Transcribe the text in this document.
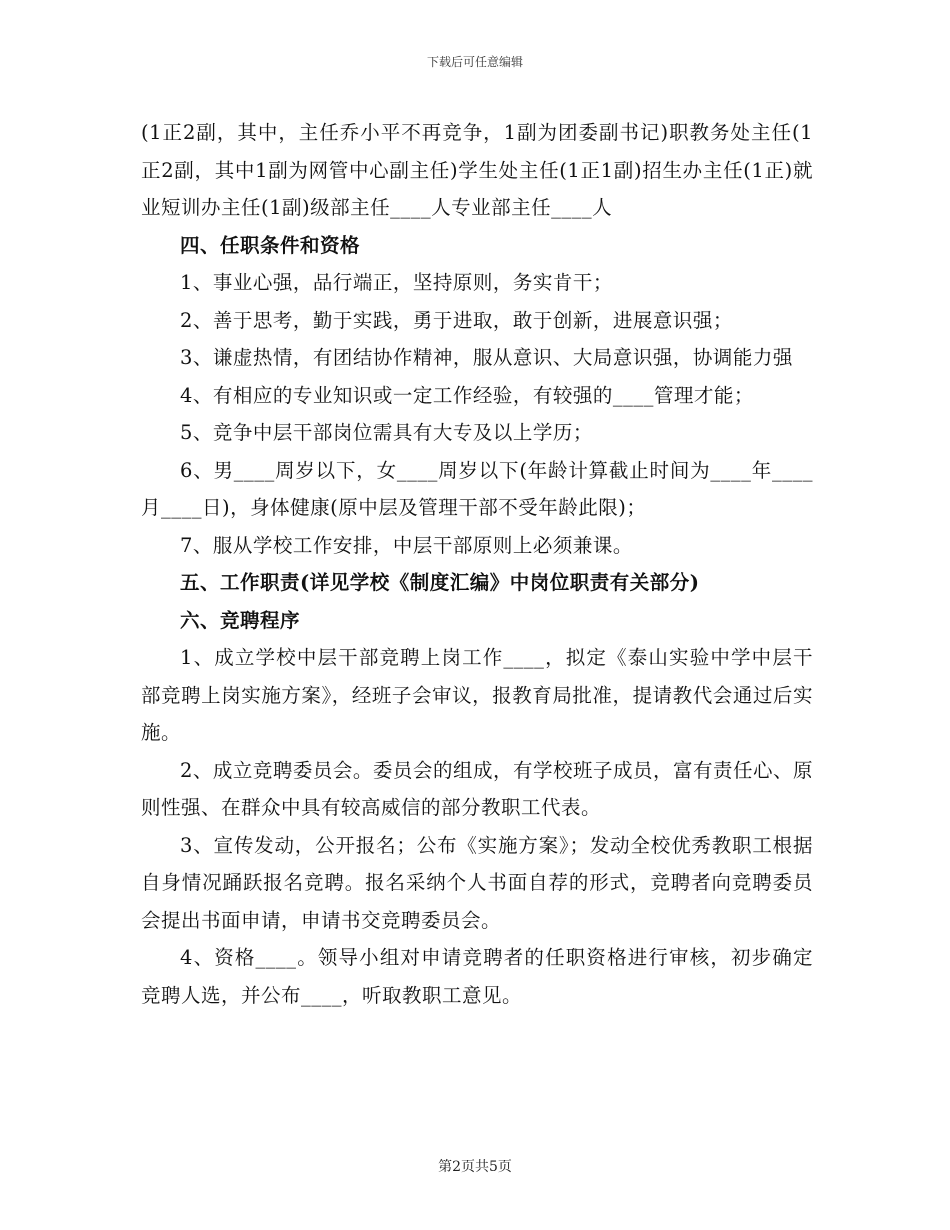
下载后可任意编辑

(1正2副，其中，主任乔小平不再竞争，1副为团委副书记)职教务处主任(1正2副，其中1副为网管中心副主任)学生处主任(1正1副)招生办主任(1正)就业短训办主任(1副)级部主任____人专业部主任____人

四、任职条件和资格

1、事业心强，品行端正，坚持原则，务实肯干；

2、善于思考，勤于实践，勇于进取，敢于创新，进展意识强；

3、谦虚热情，有团结协作精神，服从意识、大局意识强，协调能力强

4、有相应的专业知识或一定工作经验，有较强的____管理才能；

5、竞争中层干部岗位需具有大专及以上学历；

6、男____周岁以下，女____周岁以下(年龄计算截止时间为____年____月____日)，身体健康(原中层及管理干部不受年龄此限)；

7、服从学校工作安排，中层干部原则上必须兼课。

五、工作职责(详见学校《制度汇编》中岗位职责有关部分)

六、竞聘程序

1、成立学校中层干部竞聘上岗工作____，拟定《泰山实验中学中层干部竞聘上岗实施方案》，经班子会审议，报教育局批准，提请教代会通过后实施。

2、成立竞聘委员会。委员会的组成，有学校班子成员，富有责任心、原则性强、在群众中具有较高威信的部分教职工代表。

3、宣传发动，公开报名；公布《实施方案》；发动全校优秀教职工根据自身情况踊跃报名竞聘。报名采纳个人书面自荐的形式，竞聘者向竞聘委员会提出书面申请，申请书交竞聘委员会。

4、资格____。领导小组对申请竞聘者的任职资格进行审核，初步确定竞聘人选，并公布____，听取教职工意见。

第2页共5页
